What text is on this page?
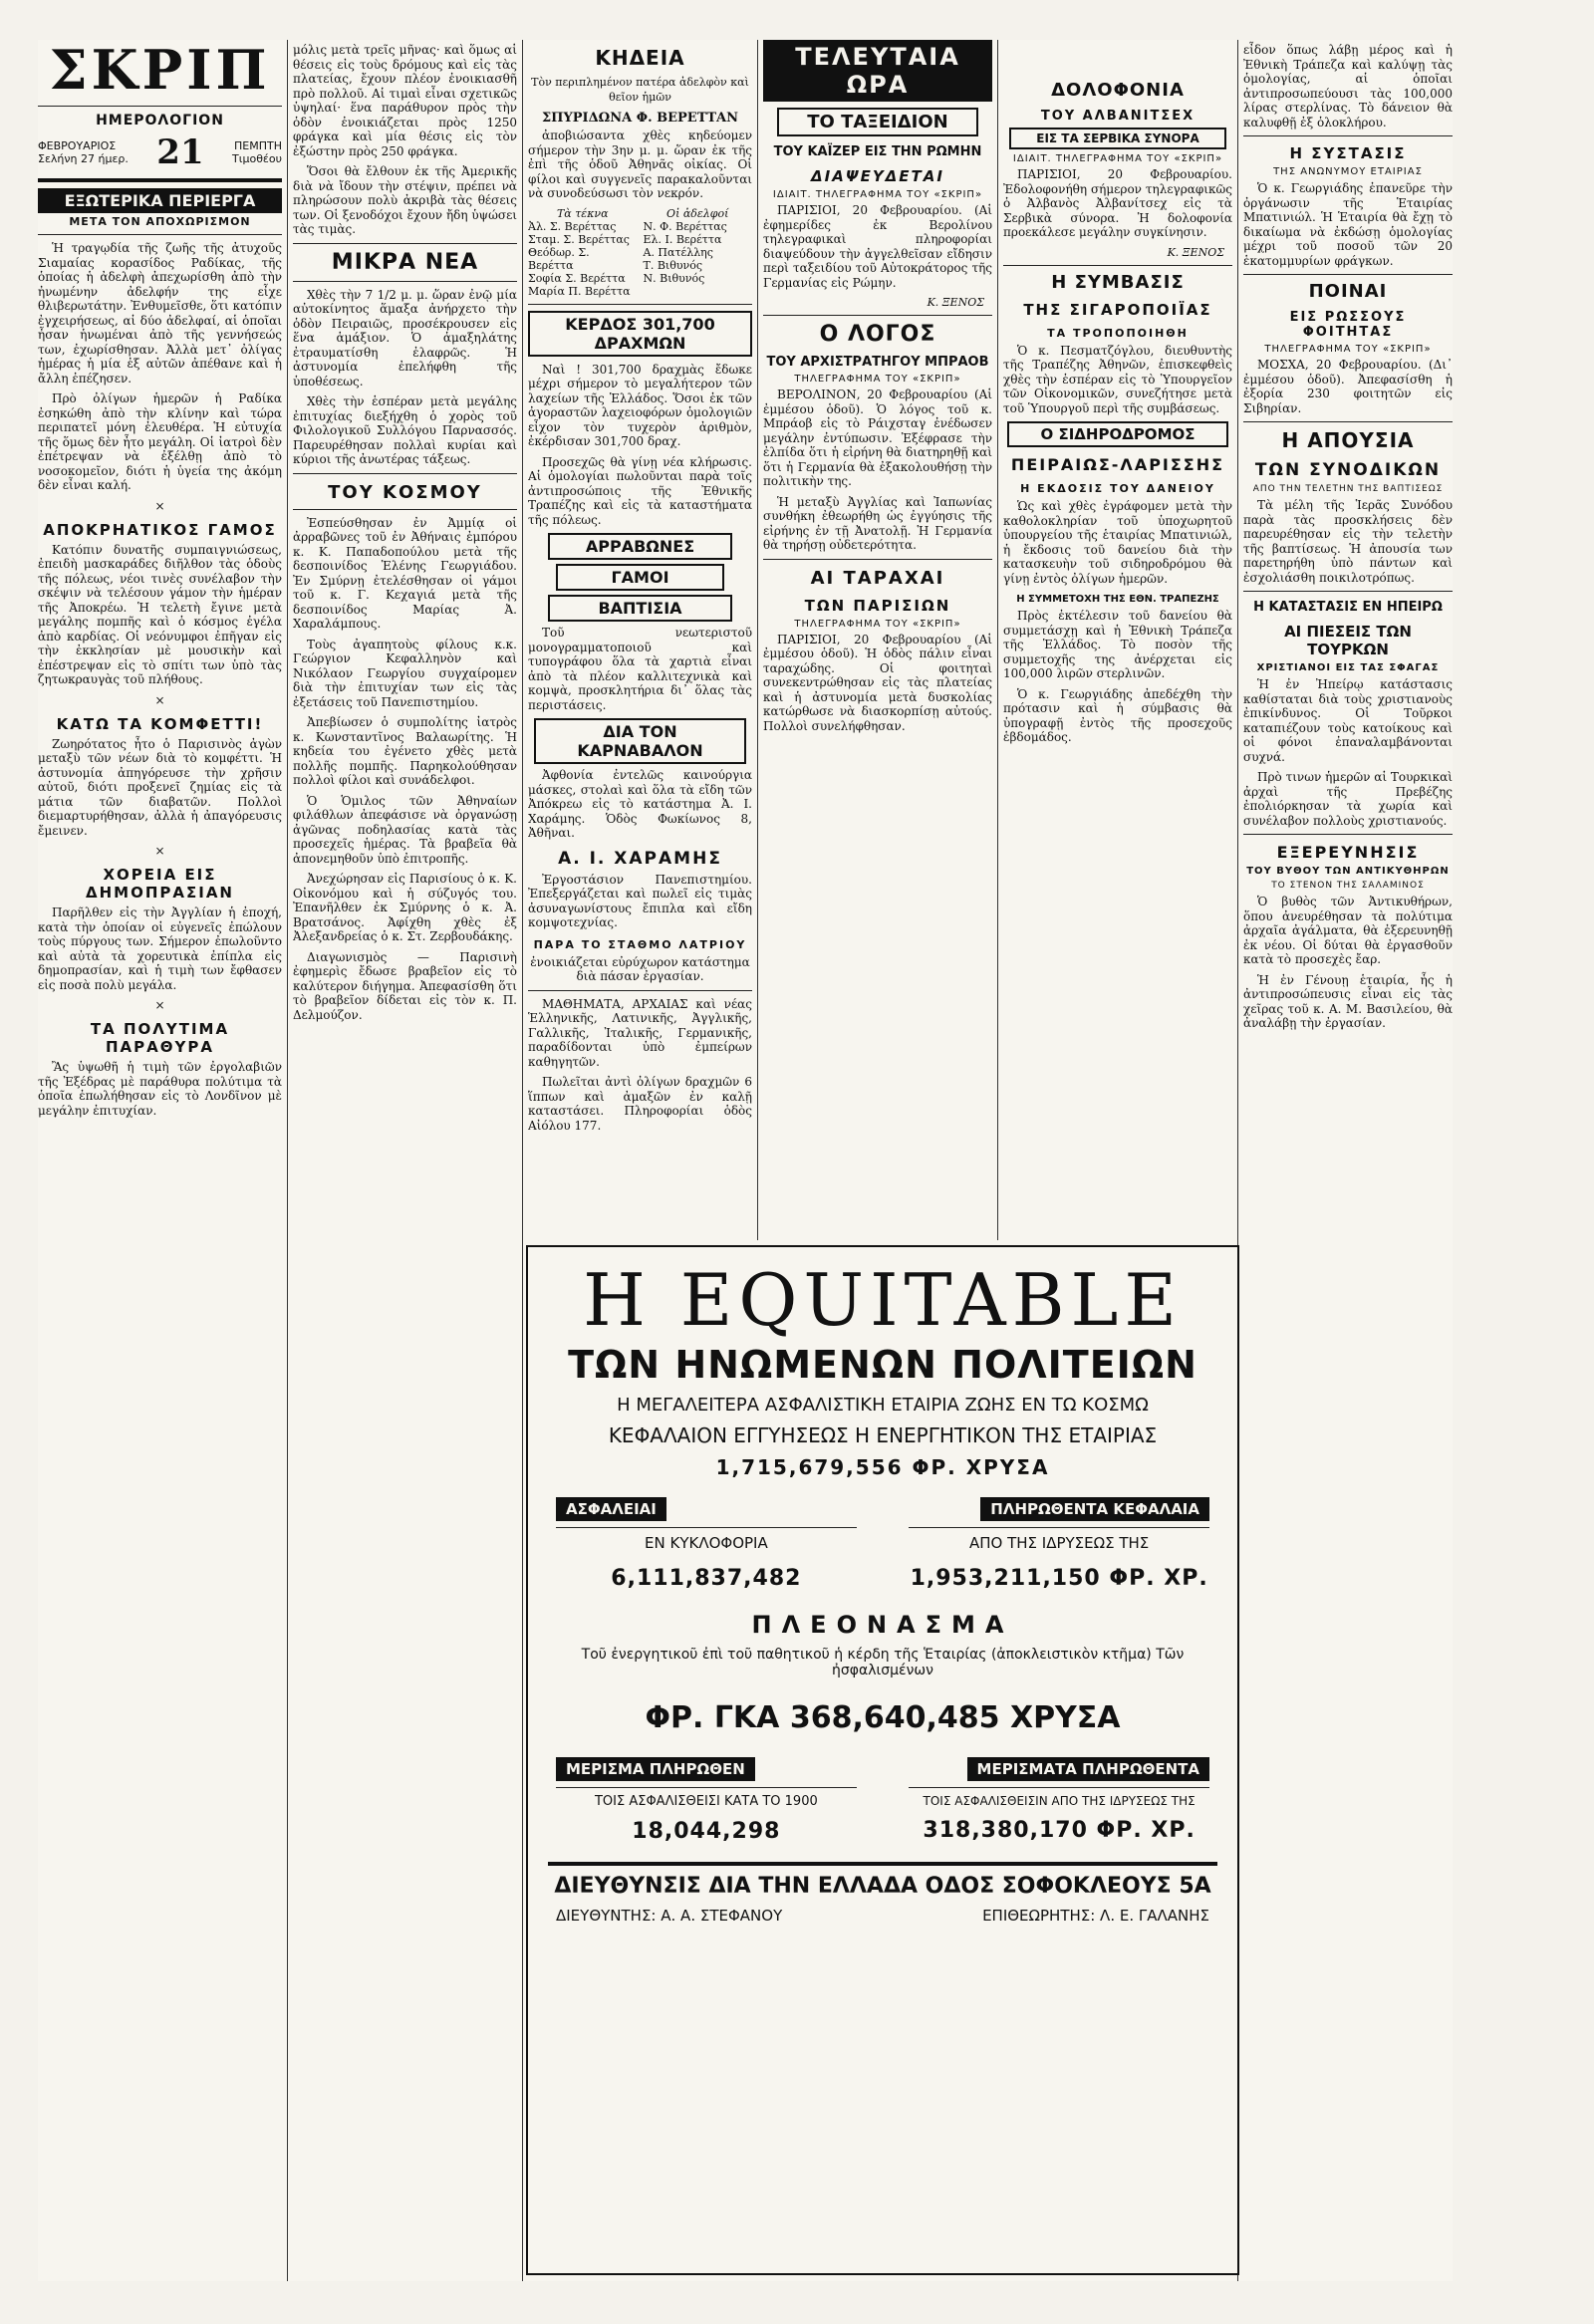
ΣΚΡΙΠ
ΗΜΕΡΟΛΟΓΙΟΝ
ΦΕΒΡΟΥΑΡΙΟΣ
Σελήνη 27 ήμερ. 21	ΠΕΜΠΤΗ
Τιμοθέου
ΕΞΩΤΕΡΙΚΑ ΠΕΡΙΕΡΓΑ
ΜΕΤΑ ΤΟΝ ΑΠΟΧΩΡΙΣΜΟΝ

Ἡ τραγῳδία τῆς ζωῆς τῆς ἀτυχοῦς Σιαμαίας κορασίδος Ραδίκας, τῆς ὁποίας ἡ ἀδελφὴ ἀπεχωρίσθη ἀπὸ τὴν ἠνωμένην ἀδελφήν της εἶχε θλιβερωτάτην. Ἐνθυμεῖσθε, ὅτι κατόπιν ἐγχειρήσεως, αἱ δύο ἀδελφαί, αἱ ὁποῖαι ἦσαν ἡνωμέναι ἀπὸ τῆς γεννήσεώς των, ἐχωρίσθησαν. Ἀλλὰ μετ᾿ ὀλίγας ἡμέρας ἡ μία ἐξ αὐτῶν ἀπέθανε καὶ ἡ ἄλλη ἐπέζησεν.

Πρὸ ὀλίγων ἡμερῶν ἡ Ραδίκα ἐσηκώθη ἀπὸ τὴν κλίνην καὶ τώρα περιπατεῖ μόνη ἐλευθέρα. Ἡ εὐτυχία τῆς ὅμως δὲν ἦτο μεγάλη. Οἱ ἰατροὶ δὲν ἐπέτρεψαν νὰ ἐξέλθῃ ἀπὸ τὸ νοσοκομεῖον, διότι ἡ ὑγεία της ἀκόμη δὲν εἶναι καλή.

×
ΑΠΟΚΡΗΑΤΙΚΟΣ ΓΑΜΟΣ

Κατόπιν δυνατῆς συμπαιγνιώσεως, ἐπειδὴ μασκαράδες διῆλθον τὰς ὁδοὺς τῆς πόλεως, νέοι τινὲς συνέλαβον τὴν σκέψιν νὰ τελέσουν γάμον τὴν ἡμέραν τῆς Ἀποκρέω. Ἡ τελετὴ ἔγινε μετὰ μεγάλης πομπῆς καὶ ὁ κόσμος ἐγέλα ἀπὸ καρδίας. Οἱ νεόνυμφοι ἐπῆγαν εἰς τὴν ἐκκλησίαν μὲ μουσικὴν καὶ ἐπέστρεψαν εἰς τὸ σπίτι των ὑπὸ τὰς ζητωκραυγὰς τοῦ πλήθους.

×
ΚΑΤΩ ΤΑ ΚΟΜΦΕΤΤΙ!

Ζωηρότατος ἦτο ὁ Παρισινὸς ἀγὼν μεταξὺ τῶν νέων διὰ τὸ κομφέττι. Ἡ ἀστυνομία ἀπηγόρευσε τὴν χρῆσιν αὐτοῦ, διότι προξενεῖ ζημίας εἰς τὰ μάτια τῶν διαβατῶν. Πολλοὶ διεμαρτυρήθησαν, ἀλλὰ ἡ ἀπαγόρευσις ἔμεινεν.

×
ΧΟΡΕΙΑ ΕΙΣ ΔΗΜΟΠΡΑΣΙΑΝ

Παρῆλθεν εἰς τὴν Ἀγγλίαν ἡ ἐποχή, κατὰ τὴν ὁποίαν οἱ εὐγενεῖς ἐπώλουν τοὺς πύργους των. Σήμερον ἐπωλοῦντο καὶ αὐτὰ τὰ χορευτικὰ ἐπίπλα εἰς δημοπρασίαν, καὶ ἡ τιμὴ των ἔφθασεν εἰς ποσὰ πολὺ μεγάλα.

×
ΤΑ ΠΟΛΥΤΙΜΑ ΠΑΡΑΘΥΡΑ

Ἂς ὑψωθῆ ἡ τιμὴ τῶν ἐργολαβιῶν τῆς Ἐξέδρας μὲ παράθυρα πολύτιμα τὰ ὁποῖα ἐπωλήθησαν εἰς τὸ Λονδῖνον μὲ μεγάλην ἐπιτυχίαν.

μόλις μετὰ τρεῖς μῆνας· καὶ ὅμως αἱ θέσεις εἰς τοὺς δρόμους καὶ εἰς τὰς πλατείας, ἔχουν πλέον ἐνοικιασθῆ πρὸ πολλοῦ. Αἱ τιμαὶ εἶναι σχετικῶς ὑψηλαί· ἕνα παράθυρον πρὸς τὴν ὁδὸν ἐνοικιάζεται πρὸς 1250 φράγκα καὶ μία θέσις εἰς τὸν ἐξώστην πρὸς 250 φράγκα.

Ὅσοι θὰ ἔλθουν ἐκ τῆς Ἀμερικῆς διὰ νὰ ἴδουν τὴν στέψιν, πρέπει νὰ πληρώσουν πολὺ ἀκριβὰ τὰς θέσεις των. Οἱ ξενοδόχοι ἔχουν ἤδη ὑψώσει τὰς τιμὰς.

ΜΙΚΡΑ ΝΕΑ

Χθὲς τὴν 7 1/2 μ. μ. ὥραν ἐνῷ μία αὐτοκίνητος ἅμαξα ἀνήρχετο τὴν ὁδὸν Πειραιῶς, προσέκρουσεν εἰς ἕνα ἁμάξιον. Ὁ ἁμαξηλάτης ἐτραυματίσθη ἐλαφρῶς. Ἡ ἀστυνομία ἐπελήφθη τῆς ὑποθέσεως.

Χθὲς τὴν ἑσπέραν μετὰ μεγάλης ἐπιτυχίας διεξήχθη ὁ χορὸς τοῦ Φιλολογικοῦ Συλλόγου Παρνασσός. Παρευρέθησαν πολλαὶ κυρίαι καὶ κύριοι τῆς ἀνωτέρας τάξεως.

ΤΟΥ ΚΟΣΜΟΥ

Ἐσπεύσθησαν ἐν Ἀμμίᾳ οἱ ἀρραβῶνες τοῦ ἐν Ἀθήναις ἐμπόρου κ. Κ. Παπαδοπούλου μετὰ τῆς δεσποινίδος Ἑλένης Γεωργιάδου. Ἐν Σμύρνῃ ἐτελέσθησαν οἱ γάμοι τοῦ κ. Γ. Κεχαγιά μετὰ τῆς δεσποινίδος Μαρίας Ἀ. Χαραλάμπους.

Τοὺς ἀγαπητοὺς φίλους κ.κ. Γεώργιον Κεφαλληνὸν καὶ Νικόλαον Γεωργίου συγχαίρομεν διὰ τὴν ἐπιτυχίαν των εἰς τὰς ἐξετάσεις τοῦ Πανεπιστημίου.

Ἀπεβίωσεν ὁ συμπολίτης ἰατρὸς κ. Κωνσταντῖνος Βαλαωρίτης. Ἡ κηδεία του ἐγένετο χθὲς μετὰ πολλῆς πομπῆς. Παρηκολούθησαν πολλοὶ φίλοι καὶ συνάδελφοι.

Ὁ Ὁμιλος τῶν Ἀθηναίων φιλάθλων ἀπεφάσισε νὰ ὀργανώσῃ ἀγῶνας ποδηλασίας κατὰ τὰς προσεχεῖς ἡμέρας. Τὰ βραβεῖα θὰ ἀπονεμηθοῦν ὑπὸ ἐπιτροπῆς.

Ἀνεχώρησαν εἰς Παρισίους ὁ κ. Κ. Οἰκονόμου καὶ ἡ σύζυγός του. Ἐπανῆλθεν ἐκ Σμύρνης ὁ κ. Ἀ. Βρατσάνος. Ἀφίχθη χθὲς ἐξ Ἀλεξανδρείας ὁ κ. Στ. Ζερβουδάκης.

Διαγωνισμὸς — Παρισινὴ ἐφημερὶς ἔδωσε βραβεῖον εἰς τὸ καλύτερον διήγημα. Ἀπεφασίσθη ὅτι τὸ βραβεῖον δίδεται εἰς τὸν κ. Π. Δελμούζον.

ΚΗΔΕΙΑ

Τὸν περιπλημένον πατέρα ἀδελφὸν καὶ θεῖον ἡμῶν

ΣΠΥΡΙΔΩΝΑ Φ. ΒΕΡΕΤΤΑΝ

ἀποβιώσαντα χθὲς κηδεύομεν σήμερον τὴν 3ην μ. μ. ὥραν ἐκ τῆς ἐπὶ τῆς ὁδοῦ Ἀθηνᾶς οἰκίας. Οἱ φίλοι καὶ συγγενεῖς παρακαλοῦνται νὰ συνοδεύσωσι τὸν νεκρόν.

Τὰ τέκνα
Ἀλ. Σ. Βερέττας
Σταμ. Σ. Βερέττας
Θεόδωρ. Σ. Βερέττα
Σοφία Σ. Βερέττα
Μαρία Π. Βερέττα
Οἱ ἀδελφοί
Ν. Φ. Βερέττας
Ελ. Ι. Βερέττα
Α. Πατέλλης
Τ. Βιθυνός
Ν. Βιθυνός
ΚΕΡΔΟΣ 301,700 ΔΡΑΧΜΩΝ

Ναὶ ! 301,700 δραχμὰς ἔδωκε μέχρι σήμερον τὸ μεγαλήτερον τῶν λαχείων τῆς Ἑλλάδος. Ὅσοι ἐκ τῶν ἀγοραστῶν λαχειοφόρων ὁμολογιῶν εἶχον τὸν τυχερὸν ἀριθμὸν, ἐκέρδισαν 301,700 δραχ.

Προσεχῶς θὰ γίνῃ νέα κλήρωσις. Αἱ ὁμολογίαι πωλοῦνται παρὰ τοῖς ἀντιπροσώποις τῆς Ἐθνικῆς Τραπέζης καὶ εἰς τὰ καταστήματα τῆς πόλεως.

ΑΡΡΑΒΩΝΕΣ
ΓΑΜΟΙ
ΒΑΠΤΙΣΙΑ

Τοῦ νεωτεριστοῦ μονογραμματοποιοῦ καὶ τυπογράφου ὅλα τὰ χαρτιὰ εἶναι ἀπὸ τὰ πλέον καλλιτεχνικὰ καὶ κομψὰ, προσκλητήρια δι᾿ ὅλας τὰς περιστάσεις.

ΔΙΑ ΤΟΝ ΚΑΡΝΑΒΑΛΟΝ

Ἀφθονία ἐντελῶς καινούργια μάσκες, στολαὶ καὶ ὅλα τὰ εἴδη τῶν Ἀπόκρεω εἰς τὸ κατάστημα Ἀ. Ι. Χαράμης. Ὁδὸς Φωκίωνος 8, Ἀθῆναι.

Α. Ι. ΧΑΡΑΜΗΣ

Ἐργοστάσιον Πανεπιστημίου. Ἐπεξεργάζεται καὶ πωλεῖ εἰς τιμὰς ἀσυναγωνίστους ἔπιπλα καὶ εἴδη κομψοτεχνίας.

ΠΑΡΑ ΤΟ ΣΤΑΘΜΟ ΛΑΤΡΙΟΥ

ἐνοικιάζεται εὐρύχωρον κατάστημα διὰ πάσαν ἐργασίαν.

ΜΑΘΗΜΑΤΑ, ΑΡΧΑΙΑΣ καὶ νέας Ἑλληνικῆς, Λατινικῆς, Ἀγγλικῆς, Γαλλικῆς, Ἰταλικῆς, Γερμανικῆς, παραδίδονται ὑπὸ ἐμπείρων καθηγητῶν.

Πωλεῖται ἀντὶ ὀλίγων δραχμῶν 6 ἵππων καὶ ἀμαξῶν ἐν καλῇ καταστάσει. Πληροφορίαι ὁδὸς Αἰόλου 177.

ΤΕΛΕΥΤΑΙΑ ΩΡΑ
ΤΟ ΤΑΞΕΙΔΙΟΝ
ΤΟΥ ΚΑΪΖΕΡ ΕΙΣ ΤΗΝ ΡΩΜΗΝ
ΔΙΑΨΕΥΔΕΤΑΙ
ΙΔΙΑΙΤ. ΤΗΛΕΓΡΑΦΗΜΑ ΤΟΥ «ΣΚΡΙΠ»

ΠΑΡΙΣΙΟΙ, 20 Φεβρουαρίου. (Αἱ ἐφημερίδες ἐκ Βερολίνου τηλεγραφικαὶ πληροφορίαι διαψεύδουν τὴν ἀγγελθεῖσαν εἴδησιν περὶ ταξειδίου τοῦ Αὐτοκράτορος τῆς Γερμανίας εἰς Ρώμην.

Κ. ΞΕΝΟΣ
Ο ΛΟΓΟΣ
ΤΟΥ ΑΡΧΙΣΤΡΑΤΗΓΟΥ ΜΠΡΑΟΒ
ΤΗΛΕΓΡΑΦΗΜΑ ΤΟΥ «ΣΚΡΙΠ»

ΒΕΡΟΛΙΝΟΝ, 20 Φεβρουαρίου (Αἱ ἐμμέσου ὁδοῦ). Ὁ λόγος τοῦ κ. Μπράοβ εἰς τὸ Ράιχσταγ ἐνέδωσεν μεγάλην ἐντύπωσιν. Ἐξέφρασε τὴν ἐλπίδα ὅτι ἡ εἰρήνη θὰ διατηρηθῇ καὶ ὅτι ἡ Γερμανία θὰ ἐξακολουθήσῃ τὴν πολιτικὴν της.

Ἡ μεταξὺ Ἀγγλίας καὶ Ἰαπωνίας συνθήκη ἐθεωρήθη ὡς ἐγγύησις τῆς εἰρήνης ἐν τῇ Ἀνατολῇ. Ἡ Γερμανία θὰ τηρήσῃ οὐδετερότητα.

ΑΙ ΤΑΡΑΧΑΙ
ΤΩΝ ΠΑΡΙΣΙΩΝ
ΤΗΛΕΓΡΑΦΗΜΑ ΤΟΥ «ΣΚΡΙΠ»

ΠΑΡΙΣΙΟΙ, 20 Φεβρουαρίου (Αἱ ἐμμέσου ὁδοῦ). Ἡ ὁδὸς πάλιν εἶναι ταραχώδης. Οἱ φοιτηταὶ συνεκεντρώθησαν εἰς τὰς πλατείας καὶ ἡ ἀστυνομία μετὰ δυσκολίας κατώρθωσε νὰ διασκορπίσῃ αὐτούς. Πολλοὶ συνελήφθησαν.

ΔΟΛΟΦΟΝΙΑ
ΤΟΥ ΑΛΒΑΝΙΤΣΕΧ
ΕΙΣ ΤΑ ΣΕΡΒΙΚΑ ΣΥΝΟΡΑ
ΙΔΙΑΙΤ. ΤΗΛΕΓΡΑΦΗΜΑ ΤΟΥ «ΣΚΡΙΠ»

ΠΑΡΙΣΙΟΙ, 20 Φεβρουαρίου. Ἐδολοφονήθη σήμερον τηλεγραφικῶς ὁ Ἀλβανὸς Ἀλβανίτσεχ εἰς τὰ Σερβικὰ σύνορα. Ἡ δολοφονία προεκάλεσε μεγάλην συγκίνησιν.

Κ. ΞΕΝΟΣ
Η ΣΥΜΒΑΣΙΣ
ΤΗΣ ΣΙΓΑΡΟΠΟΙΪΑΣ
ΤΑ ΤΡΟΠΟΠΟΙΗΘΗ

Ὁ κ. Πεσματζόγλου, διευθυντὴς τῆς Τραπέζης Ἀθηνῶν, ἐπισκεφθεὶς χθὲς τὴν ἑσπέραν εἰς τὸ Ὑπουργεῖον τῶν Οἰκονομικῶν, συνεζήτησε μετὰ τοῦ Ὑπουργοῦ περὶ τῆς συμβάσεως.

Ο ΣΙΔΗΡΟΔΡΟΜΟΣ
ΠΕΙΡΑΙΩΣ-ΛΑΡΙΣΣΗΣ
Η ΕΚΔΟΣΙΣ ΤΟΥ ΔΑΝΕΙΟΥ

Ὡς καὶ χθὲς ἐγράφομεν μετὰ τὴν καθολοκληρίαν τοῦ ὑποχωρητοῦ ὑπουργείου τῆς ἑταιρίας Μπατινιώλ, ἡ ἔκδοσις τοῦ δανείου διὰ τὴν κατασκευὴν τοῦ σιδηροδρόμου θὰ γίνῃ ἐντὸς ὀλίγων ἡμερῶν.

Η ΣΥΜΜΕΤΟΧΗ ΤΗΣ ΕΘΝ. ΤΡΑΠΕΖΗΣ

Πρὸς ἐκτέλεσιν τοῦ δανείου θὰ συμμετάσχῃ καὶ ἡ Ἐθνικὴ Τράπεζα τῆς Ἑλλάδος. Τὸ ποσὸν τῆς συμμετοχῆς της ἀνέρχεται εἰς 100,000 λιρῶν στερλινῶν.

Ὁ κ. Γεωργιάδης ἀπεδέχθη τὴν πρότασιν καὶ ἡ σύμβασις θὰ ὑπογραφῇ ἐντὸς τῆς προσεχοῦς ἑβδομάδος.

εἶδον ὅπως λάβῃ μέρος καὶ ἡ Ἐθνικὴ Τράπεζα καὶ καλύψῃ τὰς ὁμολογίας, αἱ ὁποῖαι ἀντιπροσωπεύουσι τὰς 100,000 λίρας στερλίνας. Τὸ δάνειον θὰ καλυφθῇ ἐξ ὁλοκλήρου.

Η ΣΥΣΤΑΣΙΣ
ΤΗΣ ΑΝΩΝΥΜΟΥ ΕΤΑΙΡΙΑΣ

Ὁ κ. Γεωργιάδης ἐπανεῦρε τὴν ὀργάνωσιν τῆς Ἑταιρίας Μπατινιώλ. Ἡ Ἑταιρία θὰ ἔχῃ τὸ δικαίωμα νὰ ἐκδώσῃ ὁμολογίας μέχρι τοῦ ποσοῦ τῶν 20 ἑκατομμυρίων φράγκων.

ΠΟΙΝΑΙ
ΕΙΣ ΡΩΣΣΟΥΣ ΦΟΙΤΗΤΑΣ
ΤΗΛΕΓΡΑΦΗΜΑ ΤΟΥ «ΣΚΡΙΠ»

ΜΟΣΧΑ, 20 Φεβρουαρίου. (Δι᾿ ἐμμέσου ὁδοῦ). Ἀπεφασίσθη ἡ ἐξορία 230 φοιτητῶν εἰς Σιβηρίαν.

Η ΑΠΟΥΣΙΑ
ΤΩΝ ΣΥΝΟΔΙΚΩΝ
ΑΠΟ ΤΗΝ ΤΕΛΕΤΗΝ ΤΗΣ ΒΑΠΤΙΣΕΩΣ

Τὰ μέλη τῆς Ἱερᾶς Συνόδου παρὰ τὰς προσκλήσεις δὲν παρευρέθησαν εἰς τὴν τελετὴν τῆς βαπτίσεως. Ἡ ἀπουσία των παρετηρήθη ὑπὸ πάντων καὶ ἐσχολιάσθη ποικιλοτρόπως.

Η ΚΑΤΑΣΤΑΣΙΣ ΕΝ ΗΠΕΙΡΩ
ΑΙ ΠΙΕΣΕΙΣ ΤΩΝ ΤΟΥΡΚΩΝ
ΧΡΙΣΤΙΑΝΟΙ ΕΙΣ ΤΑΣ ΣΦΑΓΑΣ

Ἡ ἐν Ἠπείρῳ κατάστασις καθίσταται διὰ τοὺς χριστιανοὺς ἐπικίνδυνος. Οἱ Τοῦρκοι καταπιέζουν τοὺς κατοίκους καὶ οἱ φόνοι ἐπαναλαμβάνονται συχνά.

Πρὸ τινων ἡμερῶν αἱ Τουρκικαὶ ἀρχαὶ τῆς Πρεβέζης ἐπολιόρκησαν τὰ χωρία καὶ συνέλαβον πολλοὺς χριστιανούς.

ΕΞΕΡΕΥΝΗΣΙΣ
ΤΟΥ ΒΥΘΟΥ ΤΩΝ ΑΝΤΙΚΥΘΗΡΩΝ
ΤΟ ΣΤΕΝΟΝ ΤΗΣ ΣΑΛΑΜΙΝΟΣ

Ὁ βυθὸς τῶν Ἀντικυθήρων, ὅπου ἀνευρέθησαν τὰ πολύτιμα ἀρχαῖα ἀγάλματα, θὰ ἐξερευνηθῇ ἐκ νέου. Οἱ δύται θὰ ἐργασθοῦν κατὰ τὸ προσεχὲς ἔαρ.

Ἡ ἐν Γένουῃ ἑταιρία, ἧς ἡ ἀντιπροσώπευσις εἶναι εἰς τὰς χεῖρας τοῦ κ. Α. Μ. Βασιλείου, θὰ ἀναλάβῃ τὴν ἐργασίαν.

Η EQUITABLE
ΤΩΝ ΗΝΩΜΕΝΩΝ ΠΟΛΙΤΕΙΩΝ
Η ΜΕΓΑΛΕΙΤΕΡΑ ΑΣΦΑΛΙΣΤΙΚΗ ΕΤΑΙΡΙΑ ΖΩΗΣ ΕΝ ΤΩ ΚΟΣΜΩ
ΚΕΦΑΛΑΙΟΝ ΕΓΓΥΗΣΕΩΣ Η ΕΝΕΡΓΗΤΙΚΟΝ ΤΗΣ ΕΤΑΙΡΙΑΣ
1,715,679,556 ΦΡ. ΧΡΥΣΑ
ΑΣΦΑΛΕΙΑΙ
ΕΝ ΚΥΚΛΟΦΟΡΙΑ
6,111,837,482
ΠΛΗΡΩΘΕΝΤΑ ΚΕΦΑΛΑΙΑ
ΑΠΟ ΤΗΣ ΙΔΡΥΣΕΩΣ ΤΗΣ
1,953,211,150 ΦΡ. ΧΡ.
ΠΛΕΟΝΑΣΜΑ
Τοῦ ἐνεργητικοῦ ἐπὶ τοῦ παθητικοῦ ἡ κέρδη τῆς Ἑταιρίας (ἀποκλειστικὸν κτῆμα) Τῶν ἠσφαλισμένων
ΦΡ. ΓΚΑ 368,640,485 ΧΡΥΣΑ
ΜΕΡΙΣΜΑ ΠΛΗΡΩΘΕΝ
ΤΟΙΣ ΑΣΦΑΛΙΣΘΕΙΣΙ ΚΑΤΑ ΤΟ 1900
18,044,298
ΜΕΡΙΣΜΑΤΑ ΠΛΗΡΩΘΕΝΤΑ
ΤΟΙΣ ΑΣΦΑΛΙΣΘΕΙΣΙΝ ΑΠΟ ΤΗΣ ΙΔΡΥΣΕΩΣ ΤΗΣ
318,380,170 ΦΡ. ΧΡ.
ΔΙΕΥΘΥΝΣΙΣ ΔΙΑ ΤΗΝ ΕΛΛΑΔΑ ΟΔΟΣ ΣΟΦΟΚΛΕΟΥΣ 5Α
ΔΙΕΥΘΥΝΤΗΣ: Α. Α. ΣΤΕΦΑΝΟΥ	ΕΠΙΘΕΩΡΗΤΗΣ: Λ. Ε. ΓΑΛΑΝΗΣ
